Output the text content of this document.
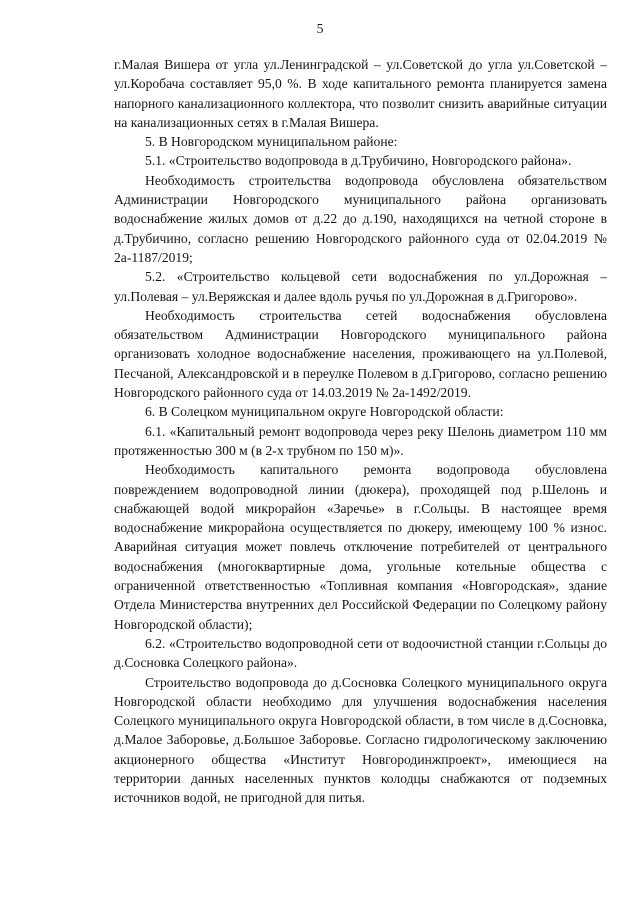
5

г.Малая Вишера от угла ул.Ленинградской – ул.Советской до угла ул.Советской – ул.Коробача составляет 95,0 %. В ходе капитального ремонта планируется замена напорного канализационного коллектора, что позволит снизить аварийные ситуации на канализационных сетях в г.Малая Вишера.

5. В Новгородском муниципальном районе:

5.1. «Строительство водопровода в д.Трубичино, Новгородского района».

Необходимость строительства водопровода обусловлена обязательством Администрации Новгородского муниципального района организовать водоснабжение жилых домов от д.22 до д.190, находящихся на четной стороне в д.Трубичино, согласно решению Новгородского районного суда от 02.04.2019 № 2а-1187/2019;

5.2. «Строительство кольцевой сети водоснабжения по ул.Дорожная – ул.Полевая – ул.Веряжская и далее вдоль ручья по ул.Дорожная в д.Григорово».

Необходимость строительства сетей водоснабжения обусловлена обязательством Администрации Новгородского муниципального района организовать холодное водоснабжение населения, проживающего на ул.Полевой, Песчаной, Александровской и в переулке Полевом в д.Григорово, согласно решению Новгородского районного суда от 14.03.2019 № 2а-1492/2019.

6. В Солецком муниципальном округе Новгородской области:

6.1. «Капитальный ремонт водопровода через реку Шелонь диаметром 110 мм протяженностью 300 м (в 2-х трубном по 150 м)».

Необходимость капитального ремонта водопровода обусловлена повреждением водопроводной линии (дюкера), проходящей под р.Шелонь и снабжающей водой микрорайон «Заречье» в г.Сольцы. В настоящее время водоснабжение микрорайона осуществляется по дюкеру, имеющему 100 % износ. Аварийная ситуация может повлечь отключение потребителей от центрального водоснабжения (многоквартирные дома, угольные котельные общества с ограниченной ответственностью «Топливная компания «Новгородская», здание Отдела Министерства внутренних дел Российской Федерации по Солецкому району Новгородской области);

6.2. «Строительство водопроводной сети от водоочистной станции г.Сольцы до д.Сосновка Солецкого района».

Строительство водопровода до д.Сосновка Солецкого муниципального округа Новгородской области необходимо для улучшения водоснабжения населения Солецкого муниципального округа Новгородской области, в том числе в д.Сосновка, д.Малое Заборовье, д.Большое Заборовье. Согласно гидрологическому заключению акционерного общества «Институт Новгородинжпроект», имеющиеся на территории данных населенных пунктов колодцы снабжаются от подземных источников водой, не пригодной для питья.
